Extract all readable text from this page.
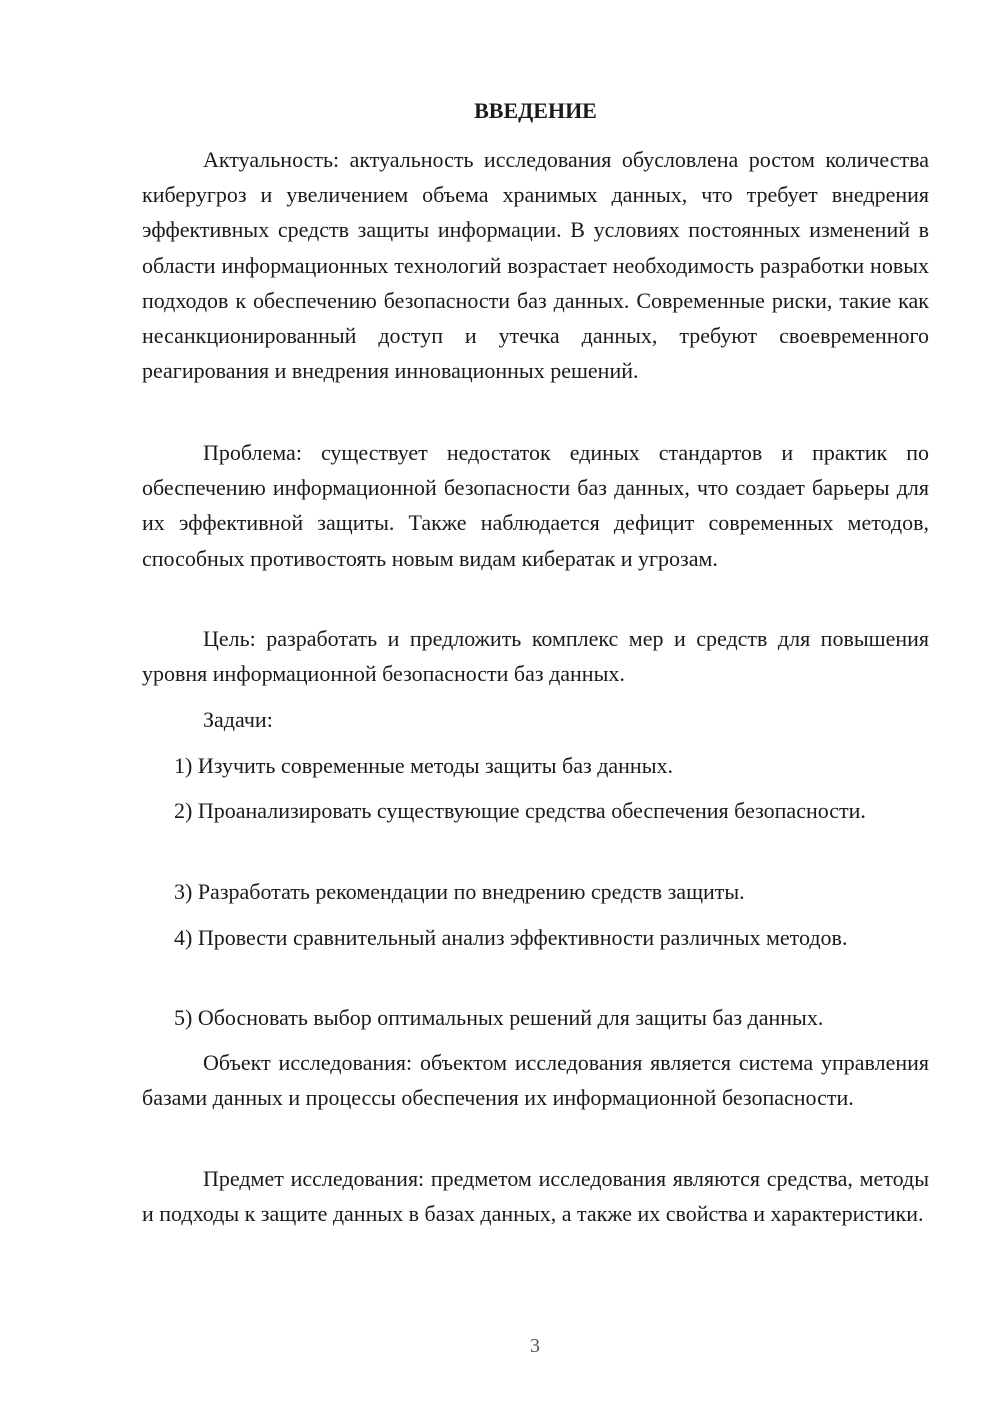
ВВЕДЕНИЕ

Актуальность: актуальность исследования обусловлена ростом количества киберугроз и увеличением объема хранимых данных, что требует внедрения эффективных средств защиты информации. В условиях постоянных изменений в области информационных технологий возрастает необходимость разработки новых подходов к обеспечению безопасности баз данных. Современные риски, такие как несанкционированный доступ и утечка данных, требуют своевременного реагирования и внедрения инновационных решений.

Проблема: существует недостаток единых стандартов и практик по обеспечению информационной безопасности баз данных, что создает барьеры для их эффективной защиты. Также наблюдается дефицит современных методов, способных противостоять новым видам кибератак и угрозам.

Цель: разработать и предложить комплекс мер и средств для повышения уровня информационной безопасности баз данных.

Задачи:

1) Изучить современные методы защиты баз данных.

2) Проанализировать существующие средства обеспечения безопасности.

3) Разработать рекомендации по внедрению средств защиты.

4) Провести сравнительный анализ эффективности различных методов.

5) Обосновать выбор оптимальных решений для защиты баз данных.

Объект исследования: объектом исследования является система управления базами данных и процессы обеспечения их информационной безопасности.

Предмет исследования: предметом исследования являются средства, методы и подходы к защите данных в базах данных, а также их свойства и характеристики.

3
